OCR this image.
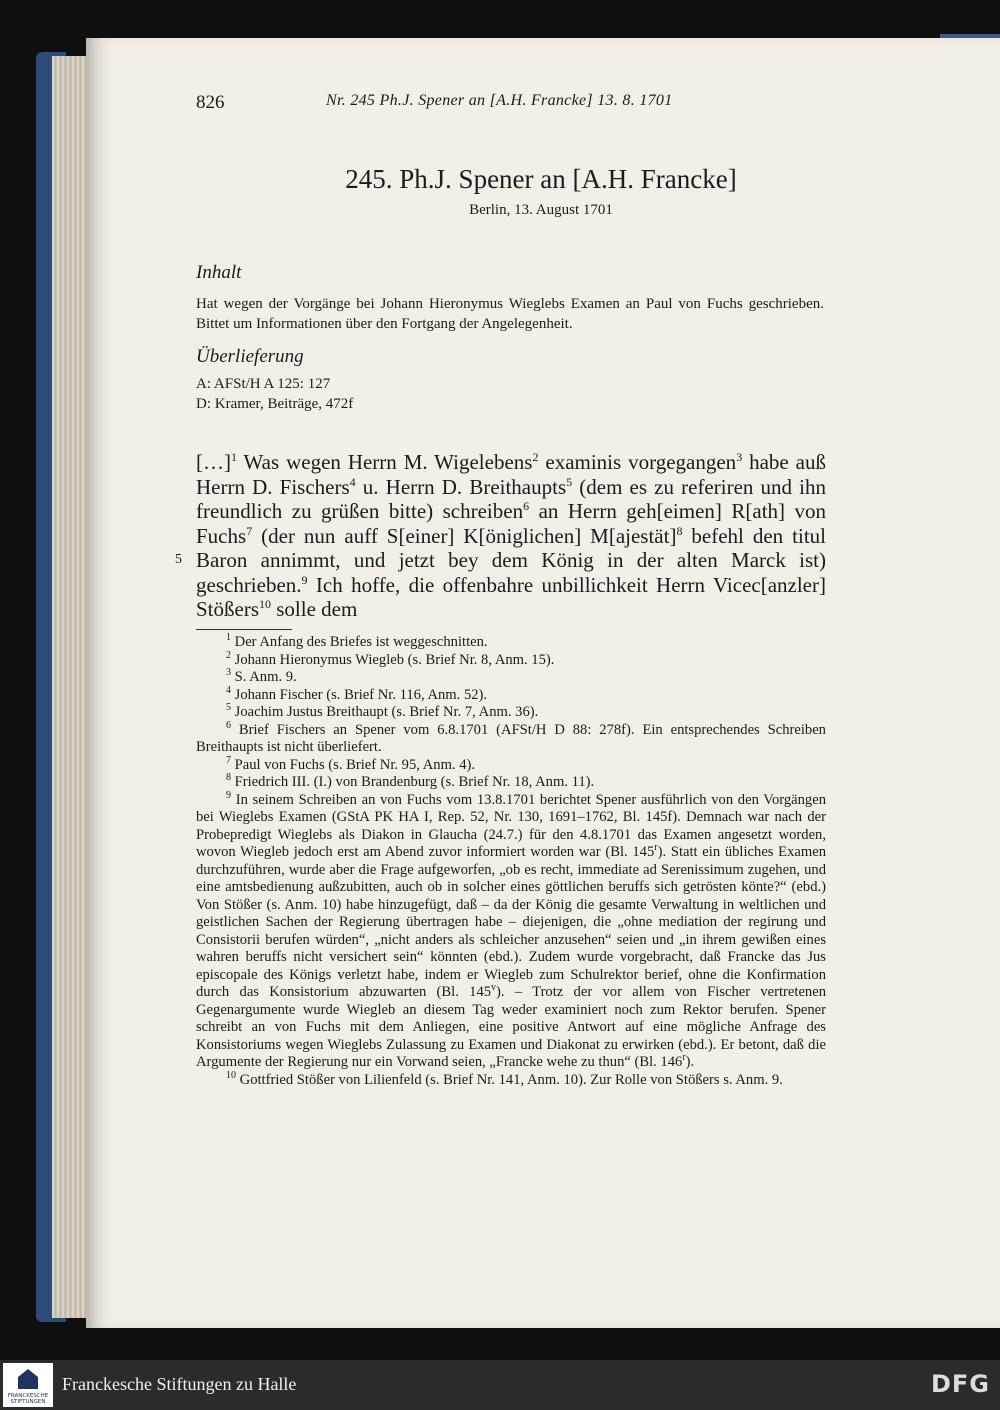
826	Nr. 245 Ph.J. Spener an [A.H. Francke] 13. 8. 1701
245. Ph.J. Spener an [A.H. Francke]
Berlin, 13. August 1701
Inhalt

Hat wegen der Vorgänge bei Johann Hieronymus Wieglebs Examen an Paul von Fuchs geschrieben. Bittet um Informationen über den Fortgang der Angelegenheit.

Überlieferung
A: AFSt/H A 125: 127
D: Kramer, Beiträge, 472f
[…]$^1$ Was wegen Herrn M. Wigelebens$^2$ examinis vorgegangen$^3$ habe auß Herrn D. Fischers$^4$ u. Herrn D. Breithaupts$^5$ (dem es zu referiren und ihn freundlich zu grüßen bitte) schreiben$^6$ an Herrn geh[eimen] R[ath] von Fuchs$^7$ (der nun auff S[einer] K[öniglichen] M[ajestät]$^8$ befehl den titul Baron annimmt, und jetzt bey dem König in der alten Marck ist) geschrieben.$^9$ Ich hoffe, die offenbahre unbillichkeit Herrn Vicec[anzler] Stößers$^{10}$ solle dem
5
$^1$ Der Anfang des Briefes ist weggeschnitten.
$^2$ Johann Hieronymus Wiegleb (s. Brief Nr. 8, Anm. 15).
$^3$ S. Anm. 9.
$^4$ Johann Fischer (s. Brief Nr. 116, Anm. 52).
$^5$ Joachim Justus Breithaupt (s. Brief Nr. 7, Anm. 36).
$^6$ Brief Fischers an Spener vom 6.8.1701 (AFSt/H D 88: 278f). Ein entsprechendes Schreiben Breithaupts ist nicht überliefert.
$^7$ Paul von Fuchs (s. Brief Nr. 95, Anm. 4).
$^8$ Friedrich III. (I.) von Brandenburg (s. Brief Nr. 18, Anm. 11).
$^9$ In seinem Schreiben an von Fuchs vom 13.8.1701 berichtet Spener ausführlich von den Vorgängen bei Wieglebs Examen (GStA PK HA I, Rep. 52, Nr. 130, 1691–1762, Bl. 145f). Demnach war nach der Probepredigt Wieglebs als Diakon in Glaucha (24.7.) für den 4.8.1701 das Examen angesetzt worden, wovon Wiegleb jedoch erst am Abend zuvor informiert worden war (Bl. 145$^r$). Statt ein übliches Examen durchzuführen, wurde aber die Frage aufgeworfen, „ob es recht, immediate ad Serenissimum zugehen, und eine amtsbedienung außzubitten, auch ob in solcher eines göttlichen beruffs sich getrösten könte?“ (ebd.) Von Stößer (s. Anm. 10) habe hinzugefügt, daß – da der König die gesamte Verwaltung in weltlichen und geistlichen Sachen der Regierung übertragen habe – diejenigen, die „ohne mediation der regirung und Consistorii berufen würden“, „nicht anders als schleicher anzusehen“ seien und „in ihrem gewißen eines wahren beruffs nicht versichert sein“ könnten (ebd.). Zudem wurde vorgebracht, daß Francke das Jus episcopale des Königs verletzt habe, indem er Wiegleb zum Schulrektor berief, ohne die Konfirmation durch das Konsistorium abzuwarten (Bl. 145$^v$). – Trotz der vor allem von Fischer vertretenen Gegenargumente wurde Wiegleb an diesem Tag weder examiniert noch zum Rektor berufen. Spener schreibt an von Fuchs mit dem Anliegen, eine positive Antwort auf eine mögliche Anfrage des Konsistoriums wegen Wieglebs Zulassung zu Examen und Diakonat zu erwirken (ebd.). Er betont, daß die Argumente der Regierung nur ein Vorwand seien, „Francke wehe zu thun“ (Bl. 146$^r$).
$^{10}$ Gottfried Stößer von Lilienfeld (s. Brief Nr. 141, Anm. 10). Zur Rolle von Stößers s. Anm. 9.
FRANCKESCHE STIFTUNGEN
Franckesche Stiftungen zu Halle	DFG
